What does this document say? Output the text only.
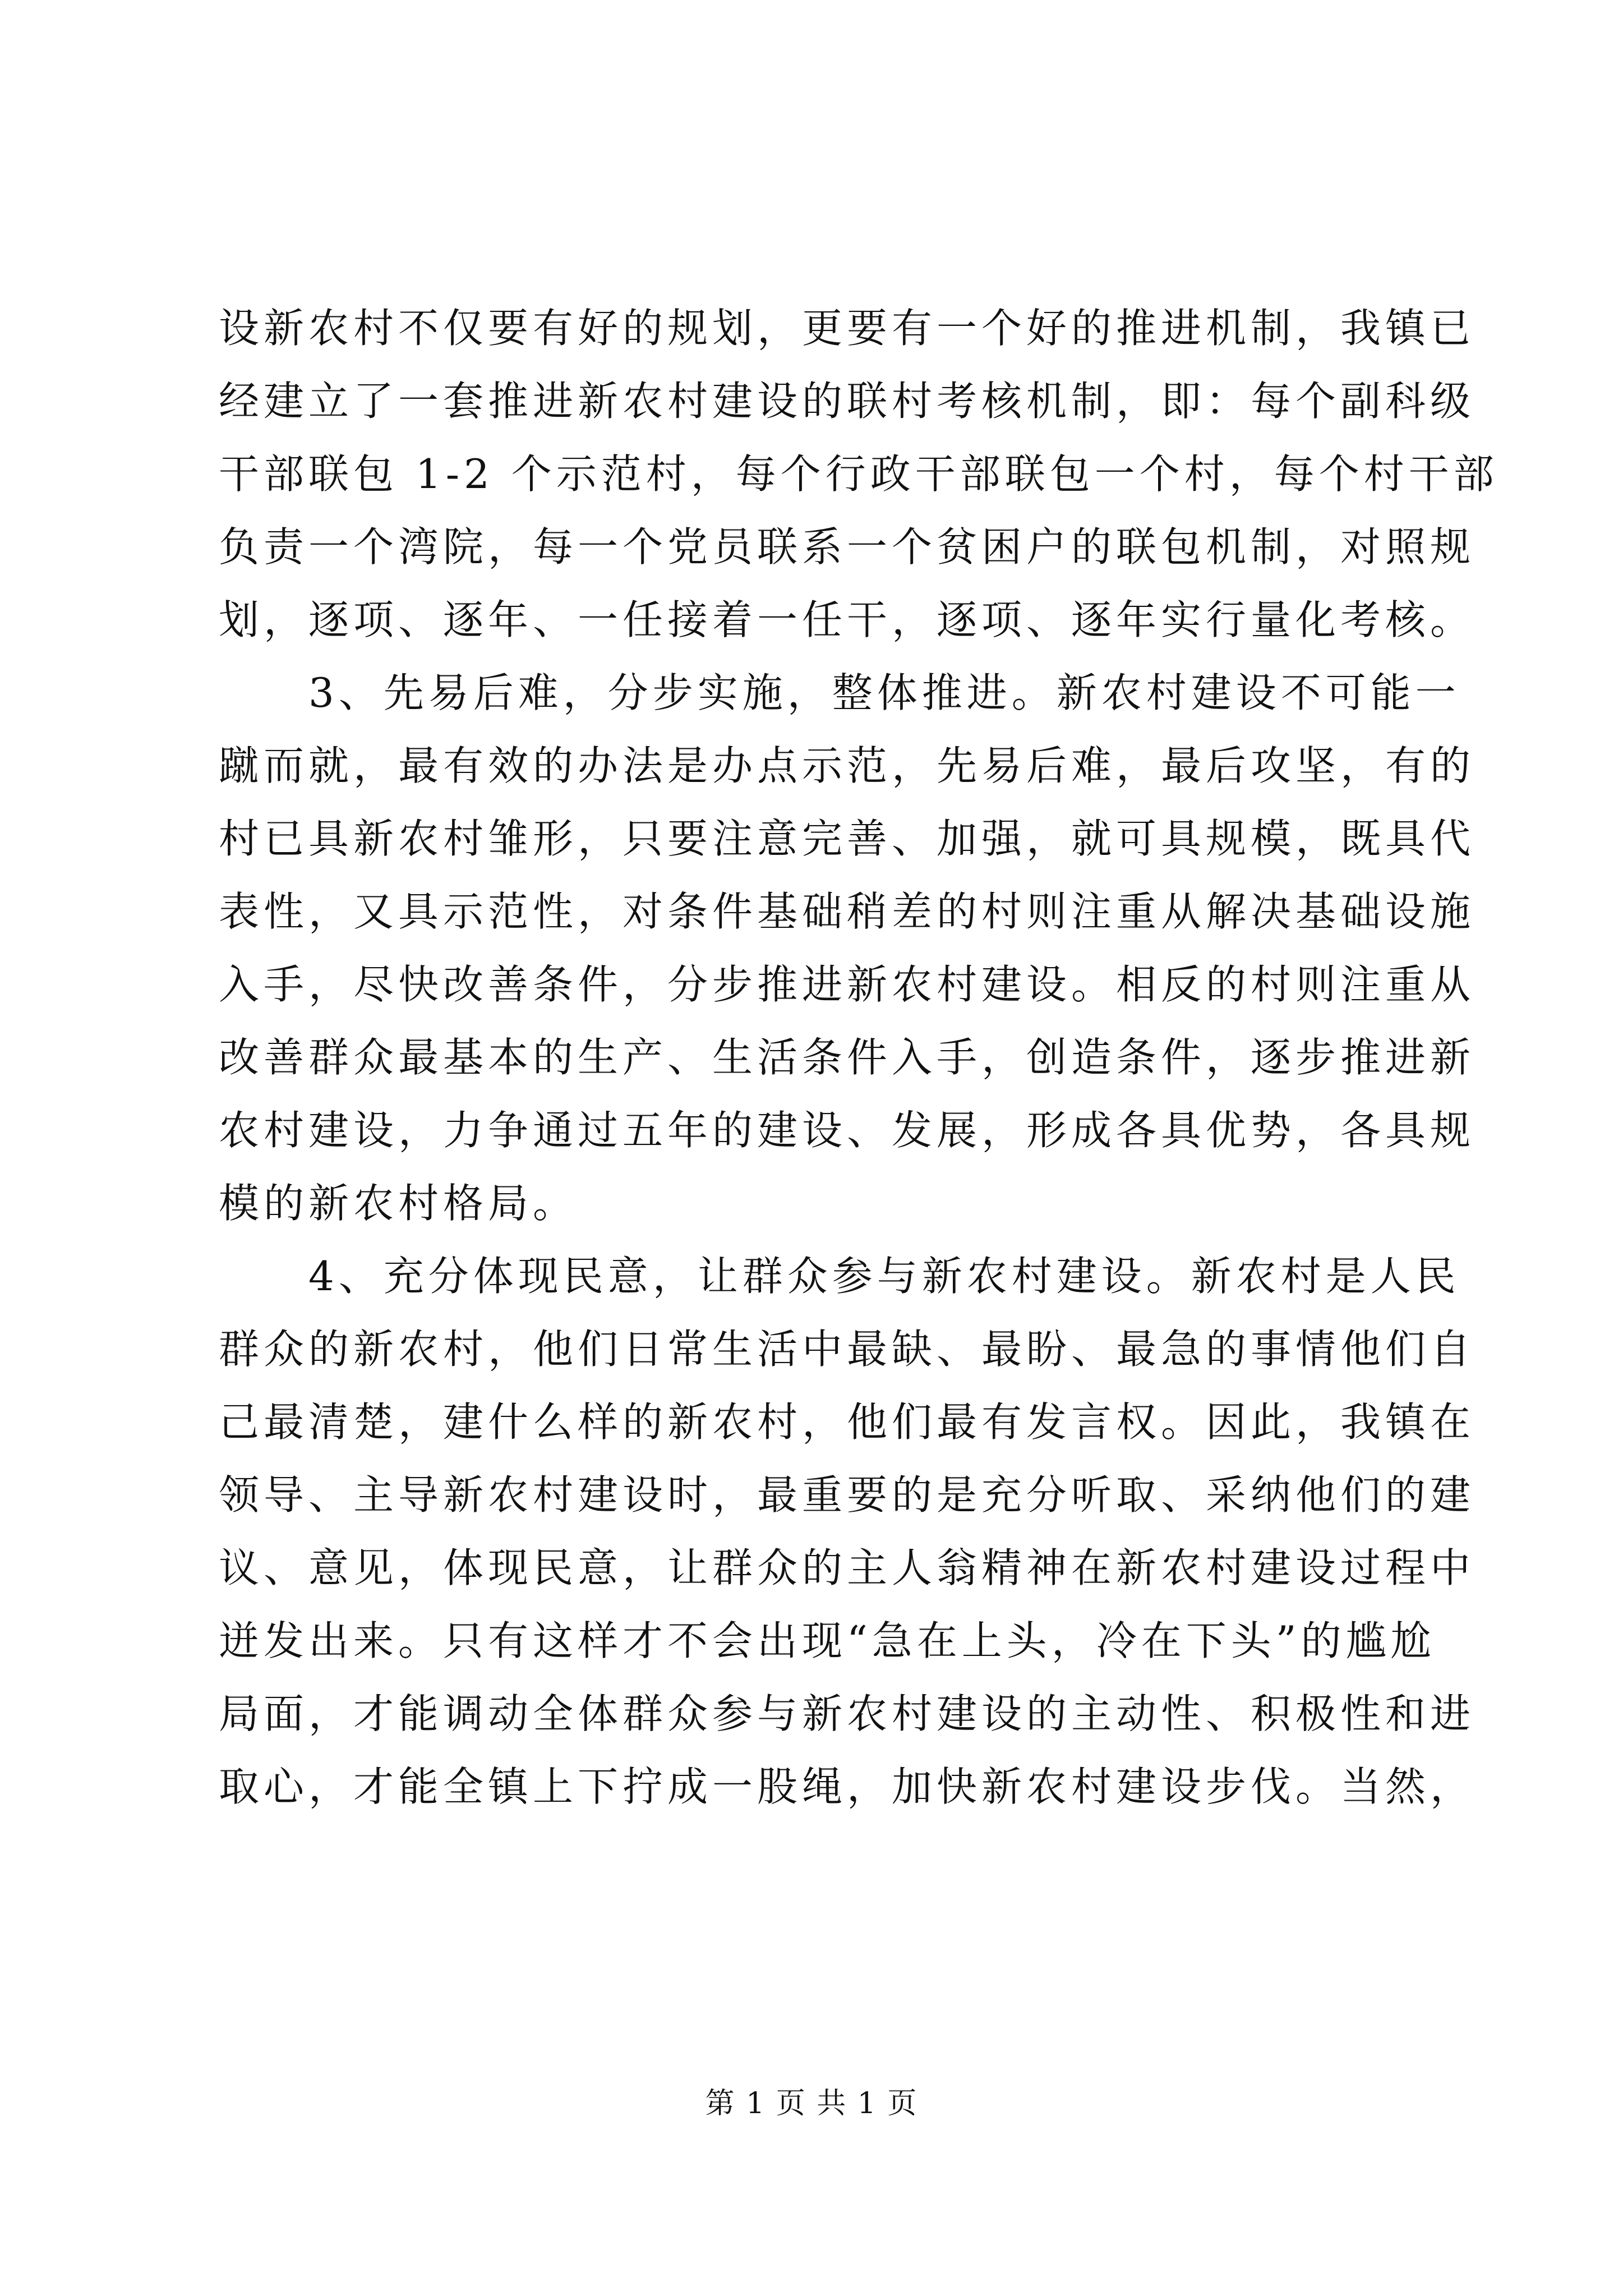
设新农村不仅要有好的规划，更要有一个好的推进机制，我镇已
经建立了一套推进新农村建设的联村考核机制，即：每个副科级
干部联包 1-2 个示范村，每个行政干部联包一个村，每个村干部
负责一个湾院，每一个党员联系一个贫困户的联包机制，对照规
划，逐项、逐年、一任接着一任干，逐项、逐年实行量化考核。
　　3、先易后难，分步实施，整体推进。新农村建设不可能一
蹴而就，最有效的办法是办点示范，先易后难，最后攻坚，有的
村已具新农村雏形，只要注意完善、加强，就可具规模，既具代
表性，又具示范性，对条件基础稍差的村则注重从解决基础设施
入手，尽快改善条件，分步推进新农村建设。相反的村则注重从
改善群众最基本的生产、生活条件入手，创造条件，逐步推进新
农村建设，力争通过五年的建设、发展，形成各具优势，各具规
模的新农村格局。
　　4、充分体现民意，让群众参与新农村建设。新农村是人民
群众的新农村，他们日常生活中最缺、最盼、最急的事情他们自
己最清楚，建什么样的新农村，他们最有发言权。因此，我镇在
领导、主导新农村建设时，最重要的是充分听取、采纳他们的建
议、意见，体现民意，让群众的主人翁精神在新农村建设过程中
迸发出来。只有这样才不会出现“急在上头，冷在下头”的尴尬
局面，才能调动全体群众参与新农村建设的主动性、积极性和进
取心，才能全镇上下拧成一股绳，加快新农村建设步伐。当然，
第 1 页 共 1 页
